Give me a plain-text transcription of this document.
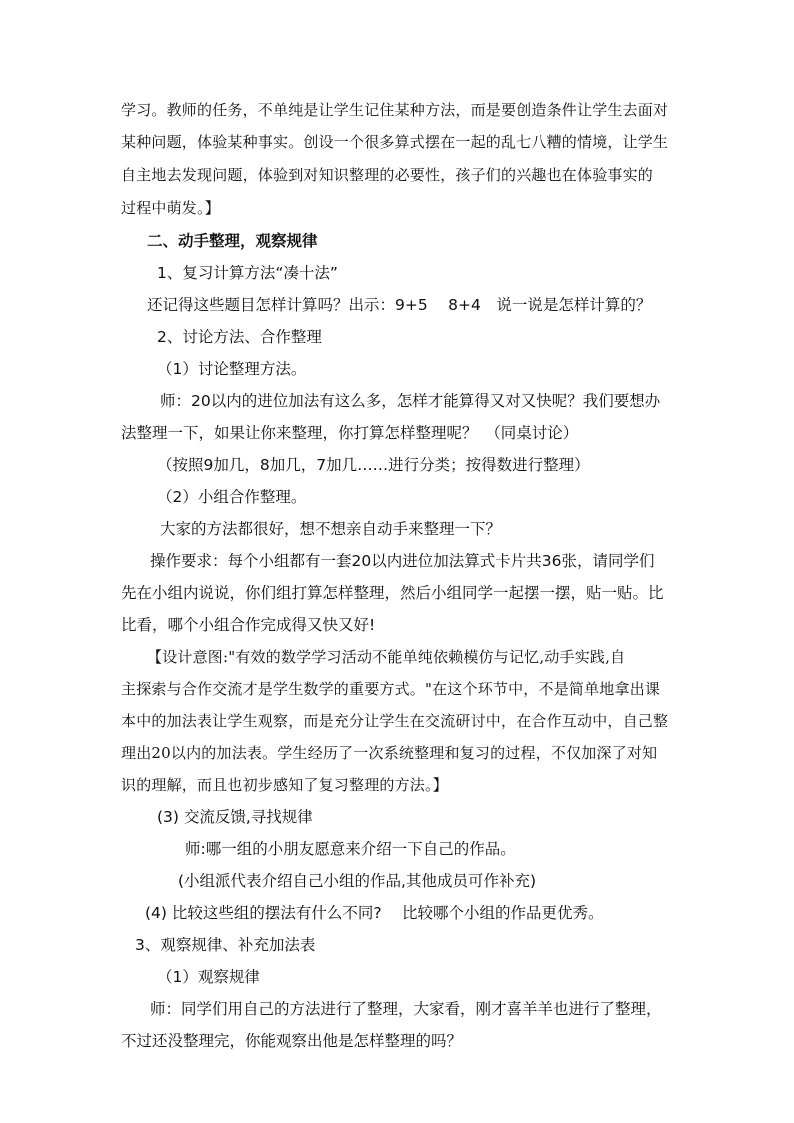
学习。教师的任务，不单纯是让学生记住某种方法，而是要创造条件让学生去面对
某种问题，体验某种事实。创设一个很多算式摆在一起的乱七八糟的情境，让学生
自主地去发现问题，体验到对知识整理的必要性，孩子们的兴趣也在体验事实的
过程中萌发。】
二、动手整理，观察规律
1、复习计算方法“凑十法”
还记得这些题目怎样计算吗？出示：9+5　 8+4　说一说是怎样计算的？
2、讨论方法、合作整理
（1）讨论整理方法。
师：20以内的进位加法有这么多，怎样才能算得又对又快呢？我们要想办
法整理一下，如果让你来整理，你打算怎样整理呢？　（同桌讨论）
（按照9加几，8加几，7加几……进行分类；按得数进行整理）
（2）小组合作整理。
大家的方法都很好，想不想亲自动手来整理一下？
操作要求：每个小组都有一套20以内进位加法算式卡片共36张，请同学们
先在小组内说说，你们组打算怎样整理，然后小组同学一起摆一摆，贴一贴。比
比看，哪个小组合作完成得又快又好!
【设计意图:"有效的数学学习活动不能单纯依赖模仿与记忆,动手实践,自
主探索与合作交流才是学生数学的重要方式。"在这个环节中，不是简单地拿出课
本中的加法表让学生观察，而是充分让学生在交流研讨中，在合作互动中，自己整
理出20以内的加法表。学生经历了一次系统整理和复习的过程，不仅加深了对知
识的理解，而且也初步感知了复习整理的方法。】
(3) 交流反馈,寻找规律
师:哪一组的小朋友愿意来介绍一下自己的作品。
(小组派代表介绍自己小组的作品,其他成员可作补充)
(4) 比较这些组的摆法有什么不同?　 比较哪个小组的作品更优秀。
3、观察规律、补充加法表
（1）观察规律
师：同学们用自己的方法进行了整理，大家看，刚才喜羊羊也进行了整理，
不过还没整理完，你能观察出他是怎样整理的吗？
